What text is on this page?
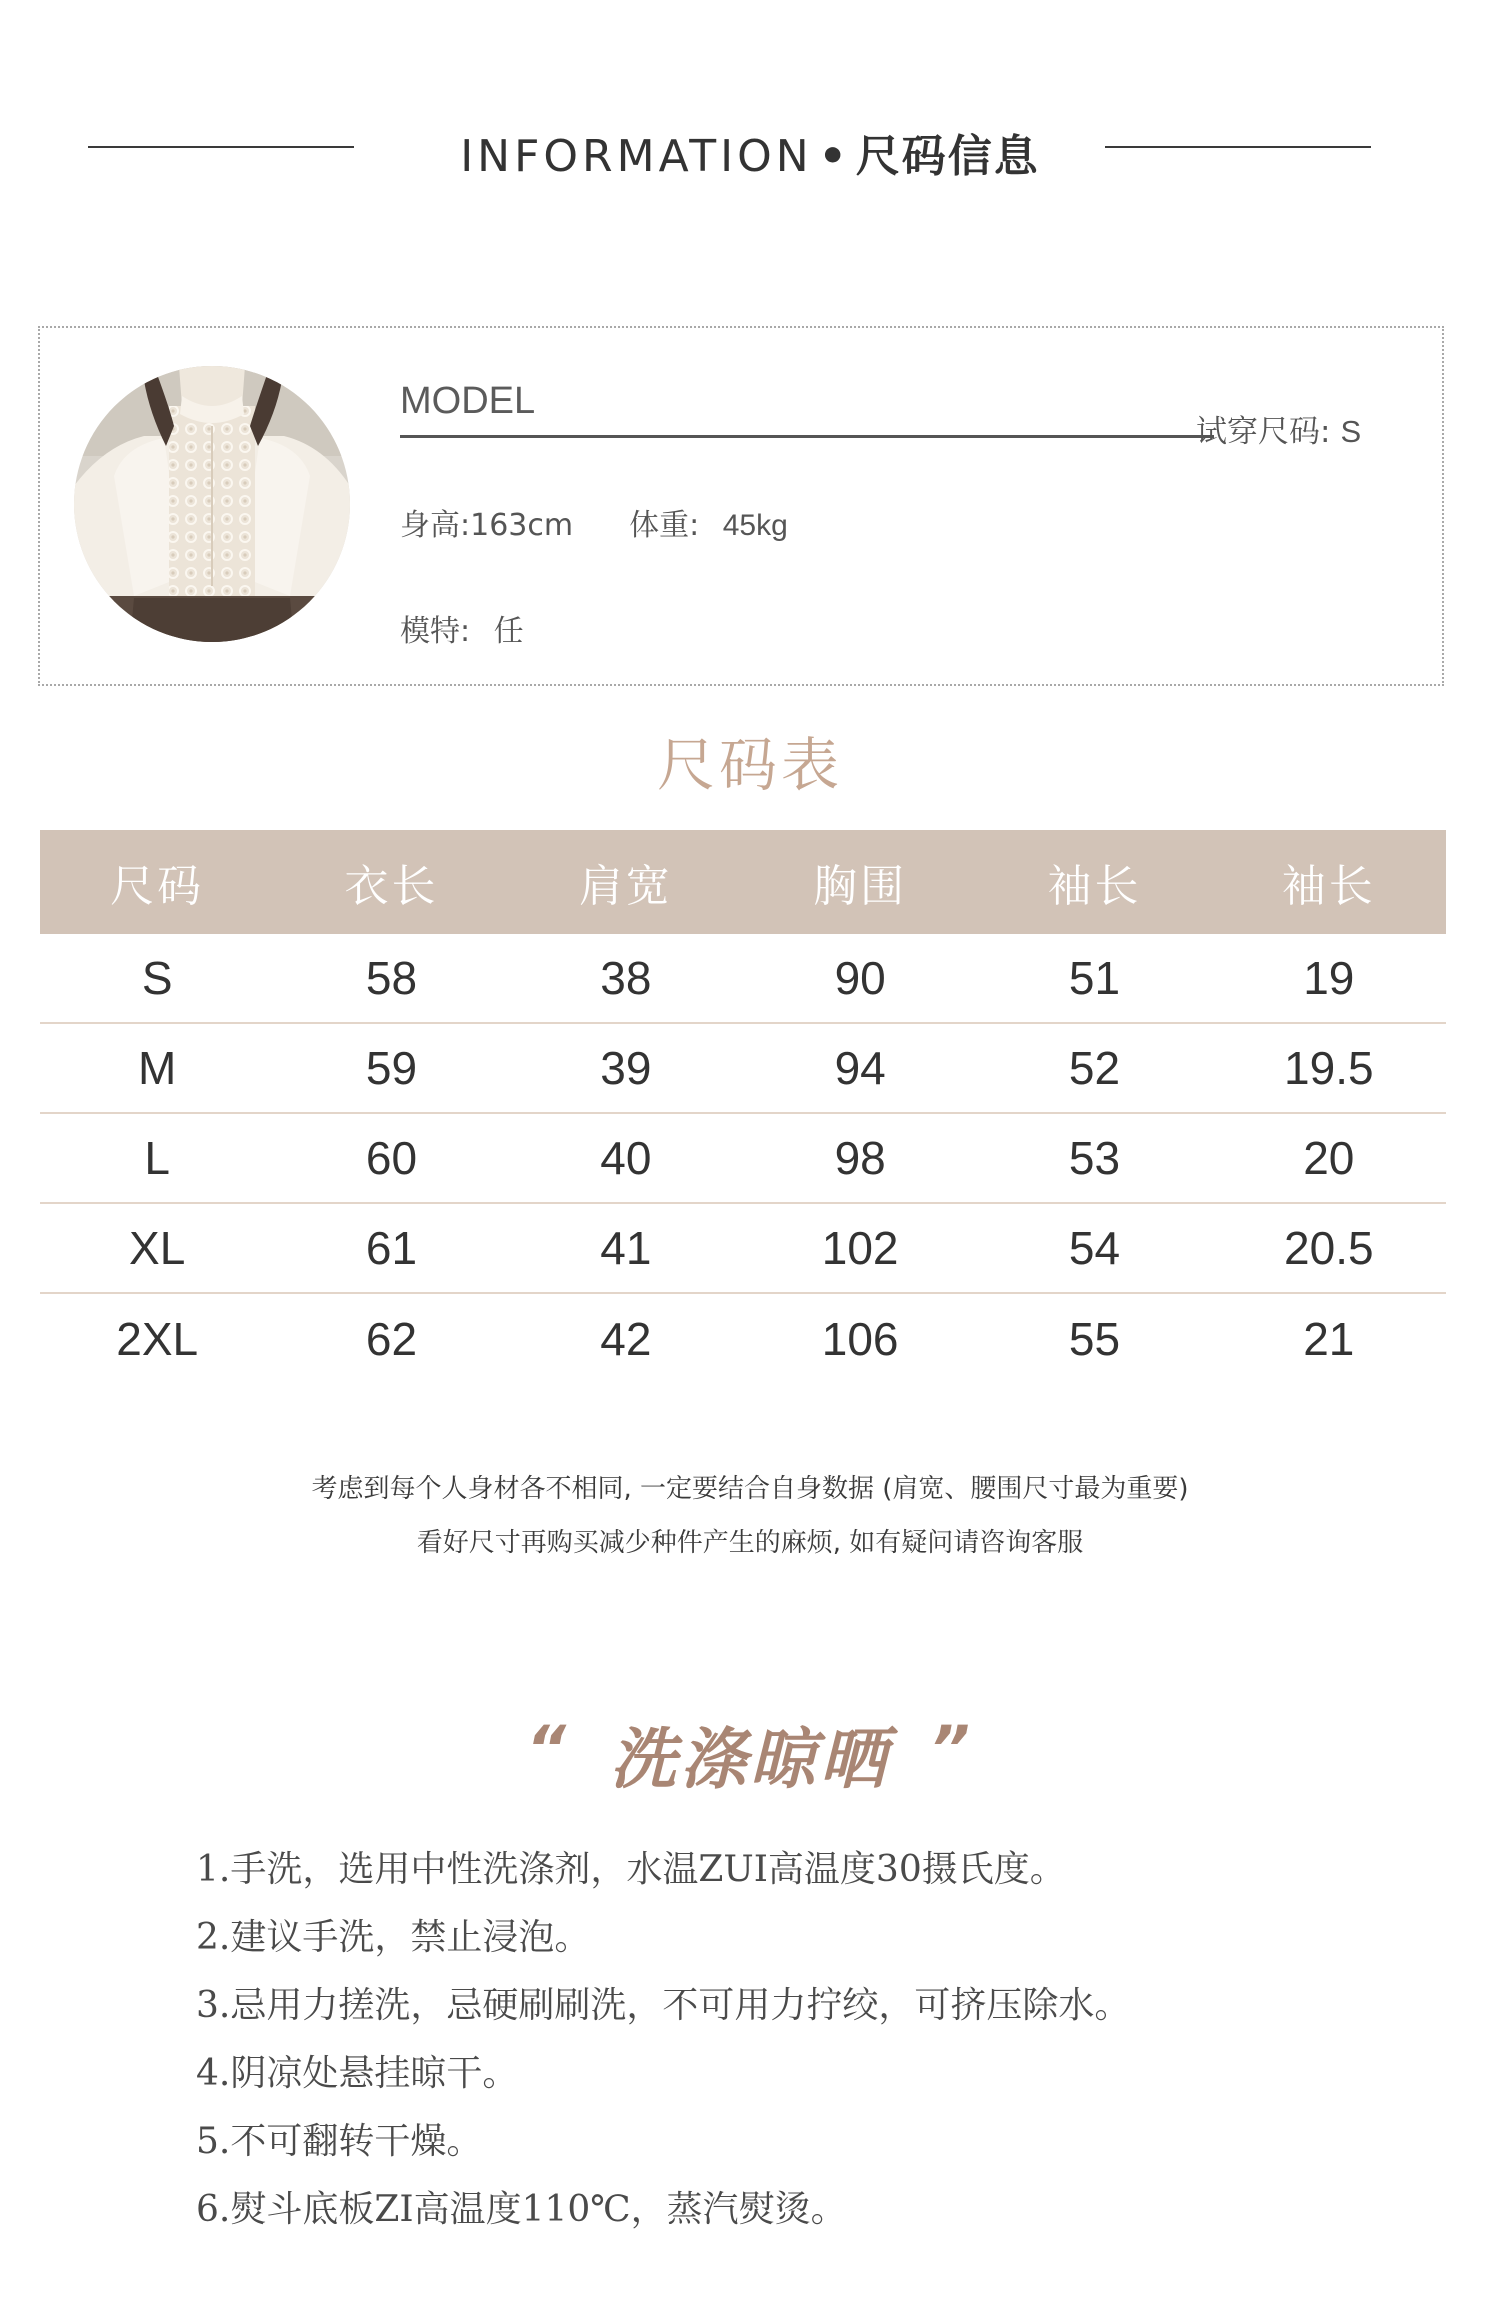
INFORMATION • 尺码信息
MODEL
试穿尺码: S
身高:163cm 体重: 45kg
模特: 任
尺码表
尺码	衣长	肩宽	胸围	袖长	袖长
S	58	38	90	51	19
M	59	39	94	52	19.5
L	60	40	98	53	20
XL	61	41	102	54	20.5
2XL	62	42	106	55	21
考虑到每个人身材各不相同, 一定要结合自身数据 (肩宽、腰围尺寸最为重要)
看好尺寸再购买减少种件产生的麻烦, 如有疑问请咨询客服
“ 洗涤晾晒 ”
1.手洗，选用中性洗涤剂，水温ZUI高温度30摄氏度。
2.建议手洗，禁止浸泡。
3.忌用力搓洗，忌硬刷刷洗，不可用力拧绞，可挤压除水。
4.阴凉处悬挂晾干。
5.不可翻转干燥。
6.熨斗底板ZI高温度110℃，蒸汽熨烫。
